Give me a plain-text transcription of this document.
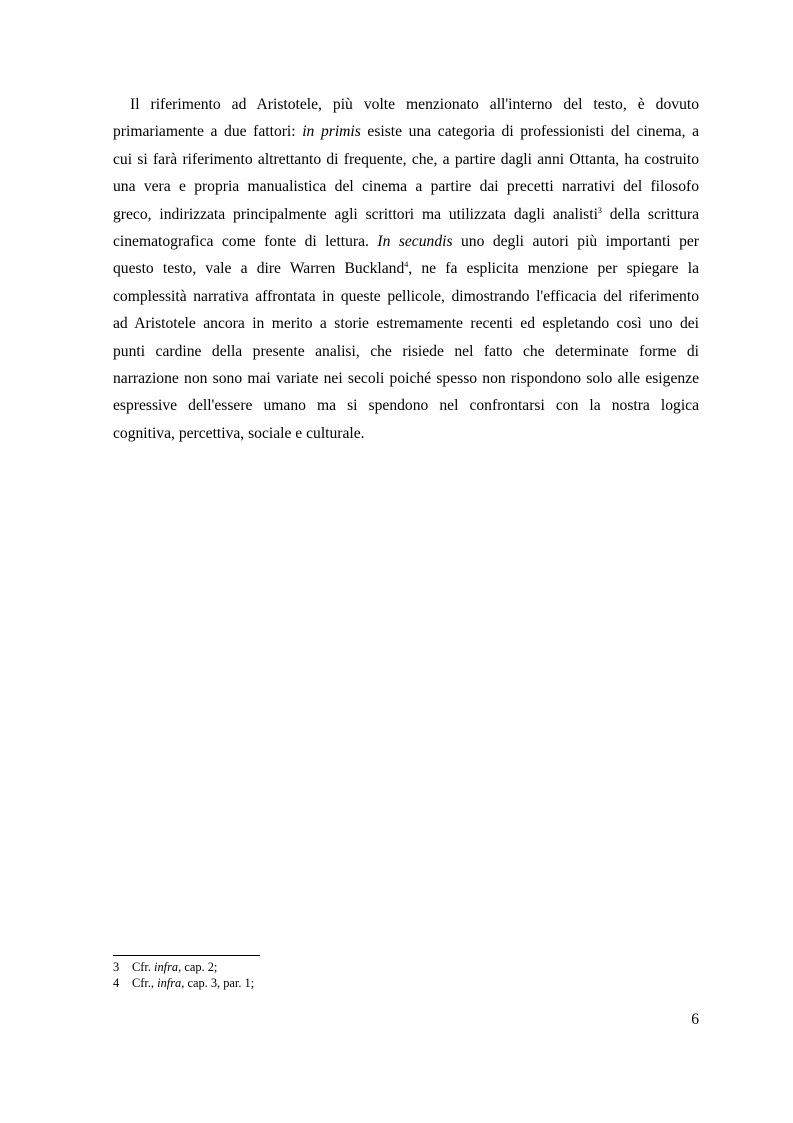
Il riferimento ad Aristotele, più volte menzionato all'interno del testo, è dovuto
primariamente a due fattori: in primis esiste una categoria di professionisti del cinema, a
cui si farà riferimento altrettanto di frequente, che, a partire dagli anni Ottanta, ha costruito
una vera e propria manualistica del cinema a partire dai precetti narrativi del filosofo
greco, indirizzata principalmente agli scrittori ma utilizzata dagli analisti$^3$ della scrittura
cinematografica come fonte di lettura. In secundis uno degli autori più importanti per
questo testo, vale a dire Warren Buckland$^4$, ne fa esplicita menzione per spiegare la
complessità narrativa affrontata in queste pellicole, dimostrando l'efficacia del riferimento
ad Aristotele ancora in merito a storie estremamente recenti ed espletando così uno dei
punti cardine della presente analisi, che risiede nel fatto che determinate forme di
narrazione non sono mai variate nei secoli poiché spesso non rispondono solo alle esigenze
espressive dell'essere umano ma si spendono nel confrontarsi con la nostra logica
cognitiva, percettiva, sociale e culturale.
3 Cfr. infra, cap. 2;
4 Cfr., infra, cap. 3, par. 1;
6
